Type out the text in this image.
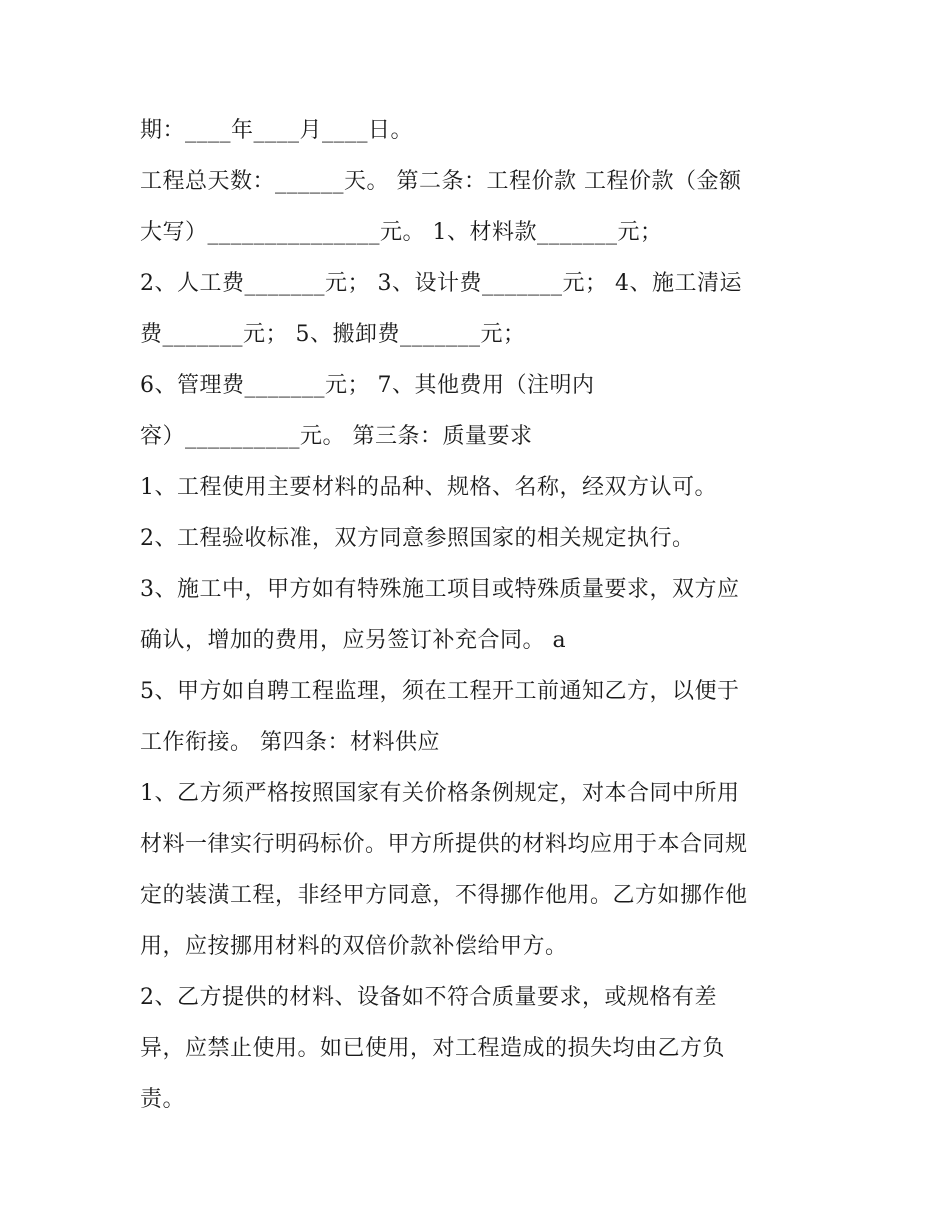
期：____年____月____日。
工程总天数：______天。 第二条：工程价款 工程价款（金额
大写）_______________元。 1、材料款_______元；
2、人工费_______元； 3、设计费_______元； 4、施工清运
费_______元； 5、搬卸费_______元；
6、管理费_______元； 7、其他费用（注明内
容）__________元。 第三条：质量要求
1、工程使用主要材料的品种、规格、名称，经双方认可。
2、工程验收标准，双方同意参照国家的相关规定执行。
3、施工中，甲方如有特殊施工项目或特殊质量要求，双方应
确认，增加的费用，应另签订补充合同。 a
5、甲方如自聘工程监理，须在工程开工前通知乙方，以便于
工作衔接。 第四条：材料供应
1、乙方须严格按照国家有关价格条例规定，对本合同中所用
材料一律实行明码标价。甲方所提供的材料均应用于本合同规
定的装潢工程，非经甲方同意，不得挪作他用。乙方如挪作他
用，应按挪用材料的双倍价款补偿给甲方。
2、乙方提供的材料、设备如不符合质量要求，或规格有差
异，应禁止使用。如已使用，对工程造成的损失均由乙方负
责。
